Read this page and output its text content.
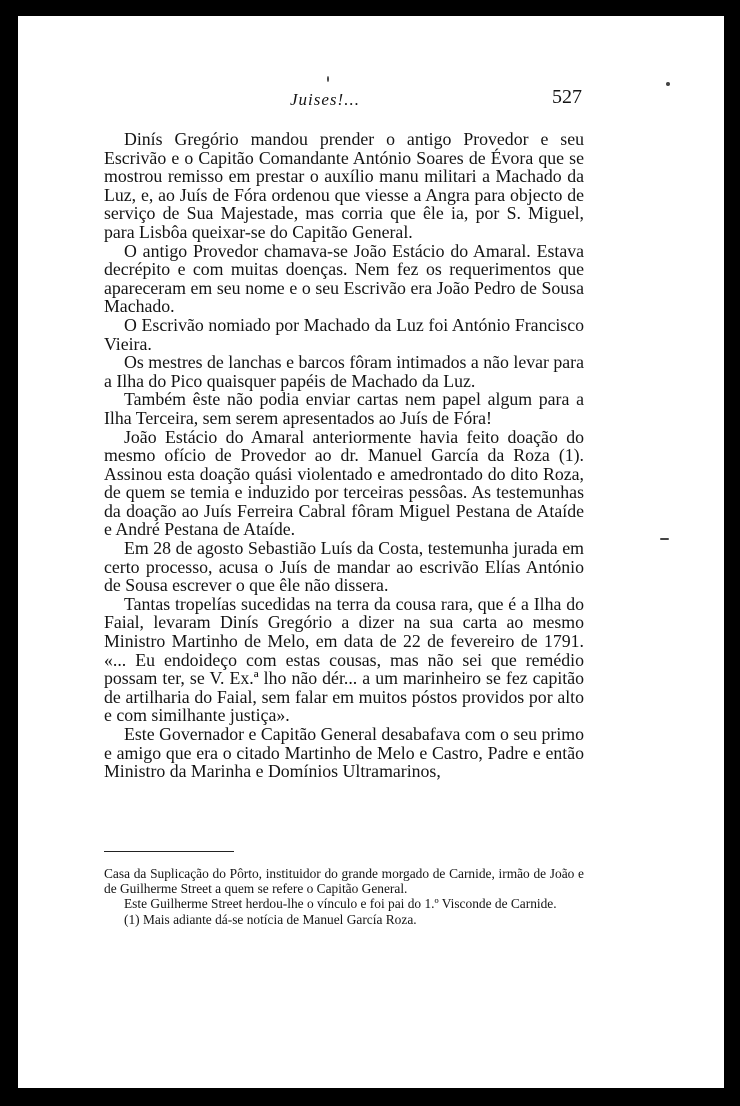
Juises!...	527

Dinís Gregório mandou prender o antigo Provedor e seu Escrivão e o Capitão Comandante António Soares de Évora que se mostrou remisso em prestar o auxílio manu militari a Machado da Luz, e, ao Juís de Fóra ordenou que viesse a Angra para objecto de serviço de Sua Majestade, mas corria que êle ia, por S. Miguel, para Lisbôa queixar-se do Capitão General.

O antigo Provedor chamava-se João Estácio do Amaral. Estava decrépito e com muitas doenças. Nem fez os requerimentos que apareceram em seu nome e o seu Escrivão era João Pedro de Sousa Machado.

O Escrivão nomiado por Machado da Luz foi António Francisco Vieira.

Os mestres de lanchas e barcos fôram intimados a não levar para a Ilha do Pico quaisquer papéis de Machado da Luz.

Também êste não podia enviar cartas nem papel algum para a Ilha Terceira, sem serem apresentados ao Juís de Fóra!

João Estácio do Amaral anteriormente havia feito doação do mesmo ofício de Provedor ao dr. Manuel García da Roza (1). Assinou esta doação quási violentado e amedrontado do dito Roza, de quem se temia e induzido por terceiras pessôas. As testemunhas da doação ao Juís Ferreira Cabral fôram Miguel Pestana de Ataíde e André Pestana de Ataíde.

Em 28 de agosto Sebastião Luís da Costa, testemunha jurada em certo processo, acusa o Juís de mandar ao escrivão Elías António de Sousa escrever o que êle não dissera.

Tantas tropelías sucedidas na terra da cousa rara, que é a Ilha do Faial, levaram Dinís Gregório a dizer na sua carta ao mesmo Ministro Martinho de Melo, em data de 22 de fevereiro de 1791. «... Eu endoideço com estas cousas, mas não sei que remédio possam ter, se V. Ex.ª lho não dér... a um marinheiro se fez capitão de artilharia do Faial, sem falar em muitos póstos providos por alto e com similhante justiça».

Este Governador e Capitão General desabafava com o seu primo e amigo que era o citado Martinho de Melo e Castro, Padre e então Ministro da Marinha e Domínios Ultramarinos,

Casa da Suplicação do Pôrto, instituidor do grande morgado de Carnide, irmão de João e de Guilherme Street a quem se refere o Capitão General.

Este Guilherme Street herdou-lhe o vínculo e foi pai do 1.º Visconde de Carnide.

(1) Mais adiante dá-se notícia de Manuel García Roza.
